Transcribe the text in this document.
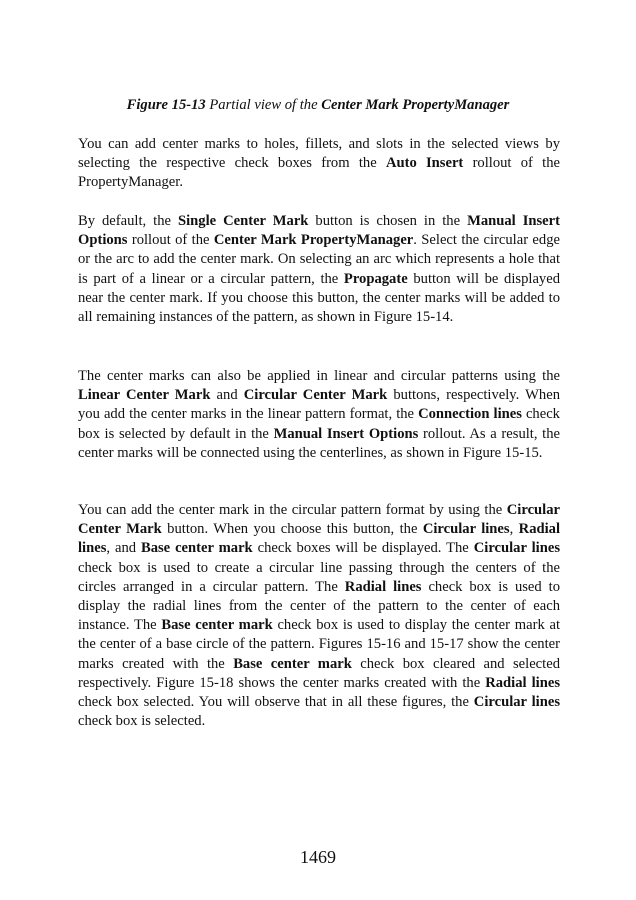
Figure 15-13 Partial view of the Center Mark PropertyManager

You can add center marks to holes, fillets, and slots in the selected views by selecting the respective check boxes from the Auto Insert rollout of the PropertyManager.

By default, the Single Center Mark button is chosen in the Manual Insert Options rollout of the Center Mark PropertyManager. Select the circular edge or the arc to add the center mark. On selecting an arc which represents a hole that is part of a linear or a circular pattern, the Propagate button will be displayed near the center mark. If you choose this button, the center marks will be added to all remaining instances of the pattern, as shown in Figure 15-14.

The center marks can also be applied in linear and circular patterns using the Linear Center Mark and Circular Center Mark buttons, respectively. When you add the center marks in the linear pattern format, the Connection lines check box is selected by default in the Manual Insert Options rollout. As a result, the center marks will be connected using the centerlines, as shown in Figure 15-15.

You can add the center mark in the circular pattern format by using the Circular Center Mark button. When you choose this button, the Circular lines, Radial lines, and Base center mark check boxes will be displayed. The Circular lines check box is used to create a circular line passing through the centers of the circles arranged in a circular pattern. The Radial lines check box is used to display the radial lines from the center of the pattern to the center of each instance. The Base center mark check box is used to display the center mark at the center of a base circle of the pattern. Figures 15-16 and 15-17 show the center marks created with the Base center mark check box cleared and selected respectively. Figure 15-18 shows the center marks created with the Radial lines check box selected. You will observe that in all these figures, the Circular lines check box is selected.

1469
